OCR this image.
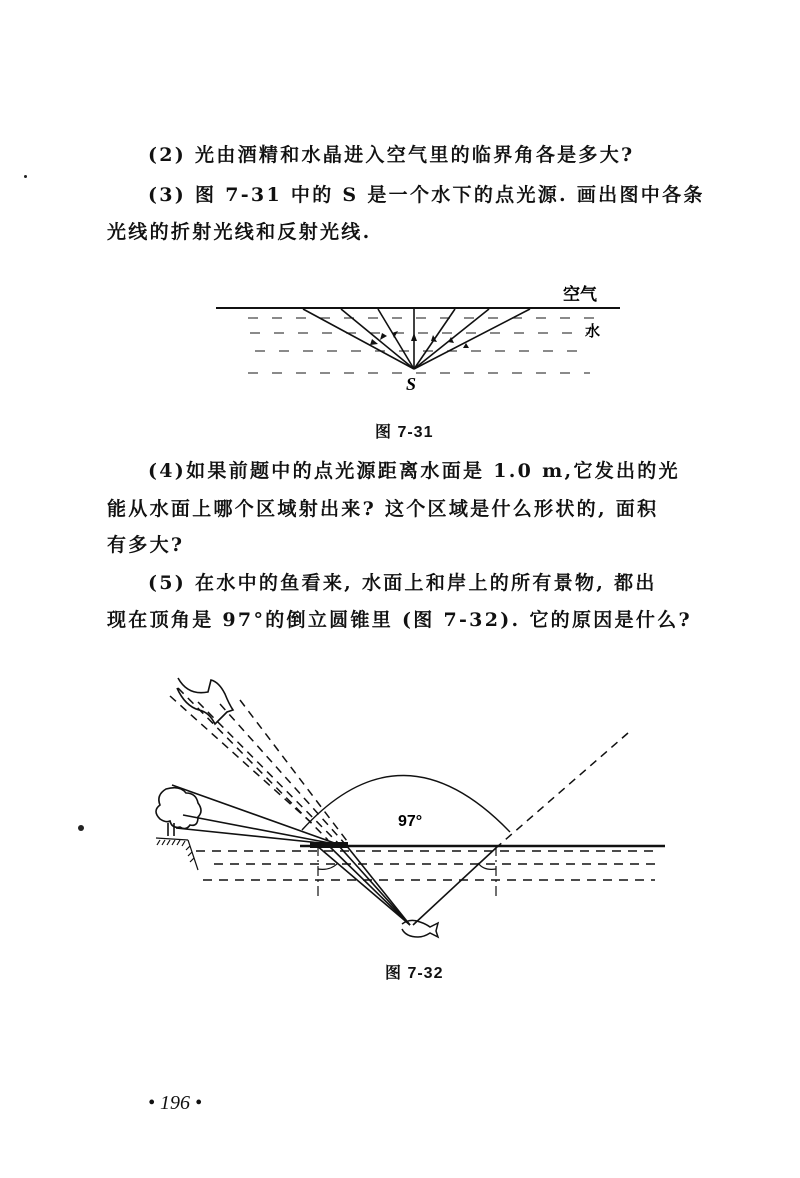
(2) 光由酒精和水晶进入空气里的临界角各是多大?
(3) 图 7-31 中的 S 是一个水下的点光源. 画出图中各条
光线的折射光线和反射光线.
空气
水
S
图 7-31
(4)如果前题中的点光源距离水面是 1.0 m,它发出的光
能从水面上哪个区域射出来? 这个区域是什么形状的, 面积
有多大?
(5) 在水中的鱼看来, 水面上和岸上的所有景物, 都出
现在顶角是 97°的倒立圆锥里 (图 7-32). 它的原因是什么?
97°
图 7-32
• 196 •
